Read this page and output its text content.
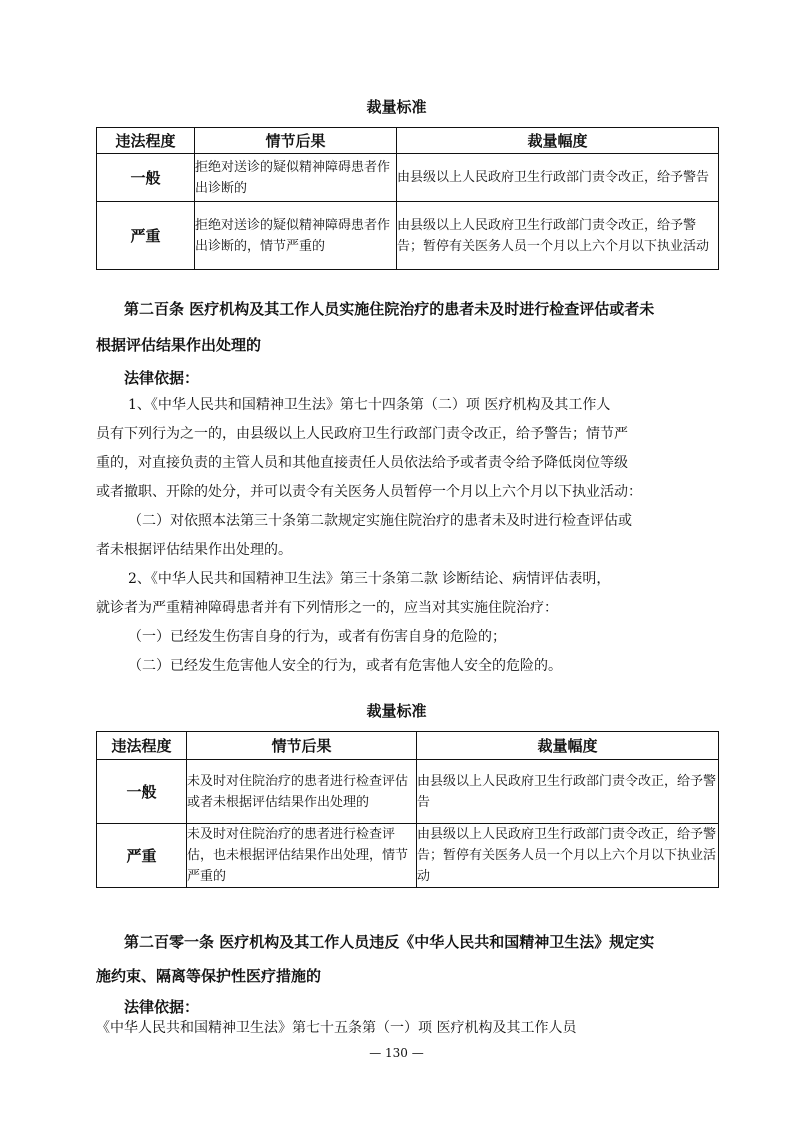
裁量标准
违法程度	情节后果	裁量幅度
一般	拒绝对送诊的疑似精神障碍患者作出诊断的	由县级以上人民政府卫生行政部门责令改正，给予警告
严重	拒绝对送诊的疑似精神障碍患者作出诊断的，情节严重的	由县级以上人民政府卫生行政部门责令改正，给予警告；暂停有关医务人员一个月以上六个月以下执业活动
第二百条 医疗机构及其工作人员实施住院治疗的患者未及时进行检查评估或者未
根据评估结果作出处理的
法律依据：
1、《中华人民共和国精神卫生法》第七十四条第（二）项 医疗机构及其工作人
员有下列行为之一的，由县级以上人民政府卫生行政部门责令改正，给予警告；情节严
重的，对直接负责的主管人员和其他直接责任人员依法给予或者责令给予降低岗位等级
或者撤职、开除的处分，并可以责令有关医务人员暂停一个月以上六个月以下执业活动：
（二）对依照本法第三十条第二款规定实施住院治疗的患者未及时进行检查评估或
者未根据评估结果作出处理的。
2、《中华人民共和国精神卫生法》第三十条第二款 诊断结论、病情评估表明，
就诊者为严重精神障碍患者并有下列情形之一的，应当对其实施住院治疗：
（一）已经发生伤害自身的行为，或者有伤害自身的危险的；
（二）已经发生危害他人安全的行为，或者有危害他人安全的危险的。
裁量标准
违法程度	情节后果	裁量幅度
一般	未及时对住院治疗的患者进行检查评估或者未根据评估结果作出处理的	由县级以上人民政府卫生行政部门责令改正，给予警告
严重	未及时对住院治疗的患者进行检查评估，也未根据评估结果作出处理，情节严重的	由县级以上人民政府卫生行政部门责令改正，给予警告；暂停有关医务人员一个月以上六个月以下执业活动
第二百零一条 医疗机构及其工作人员违反《中华人民共和国精神卫生法》规定实
施约束、隔离等保护性医疗措施的
法律依据：
《中华人民共和国精神卫生法》第七十五条第（一）项 医疗机构及其工作人员
— 130 —
